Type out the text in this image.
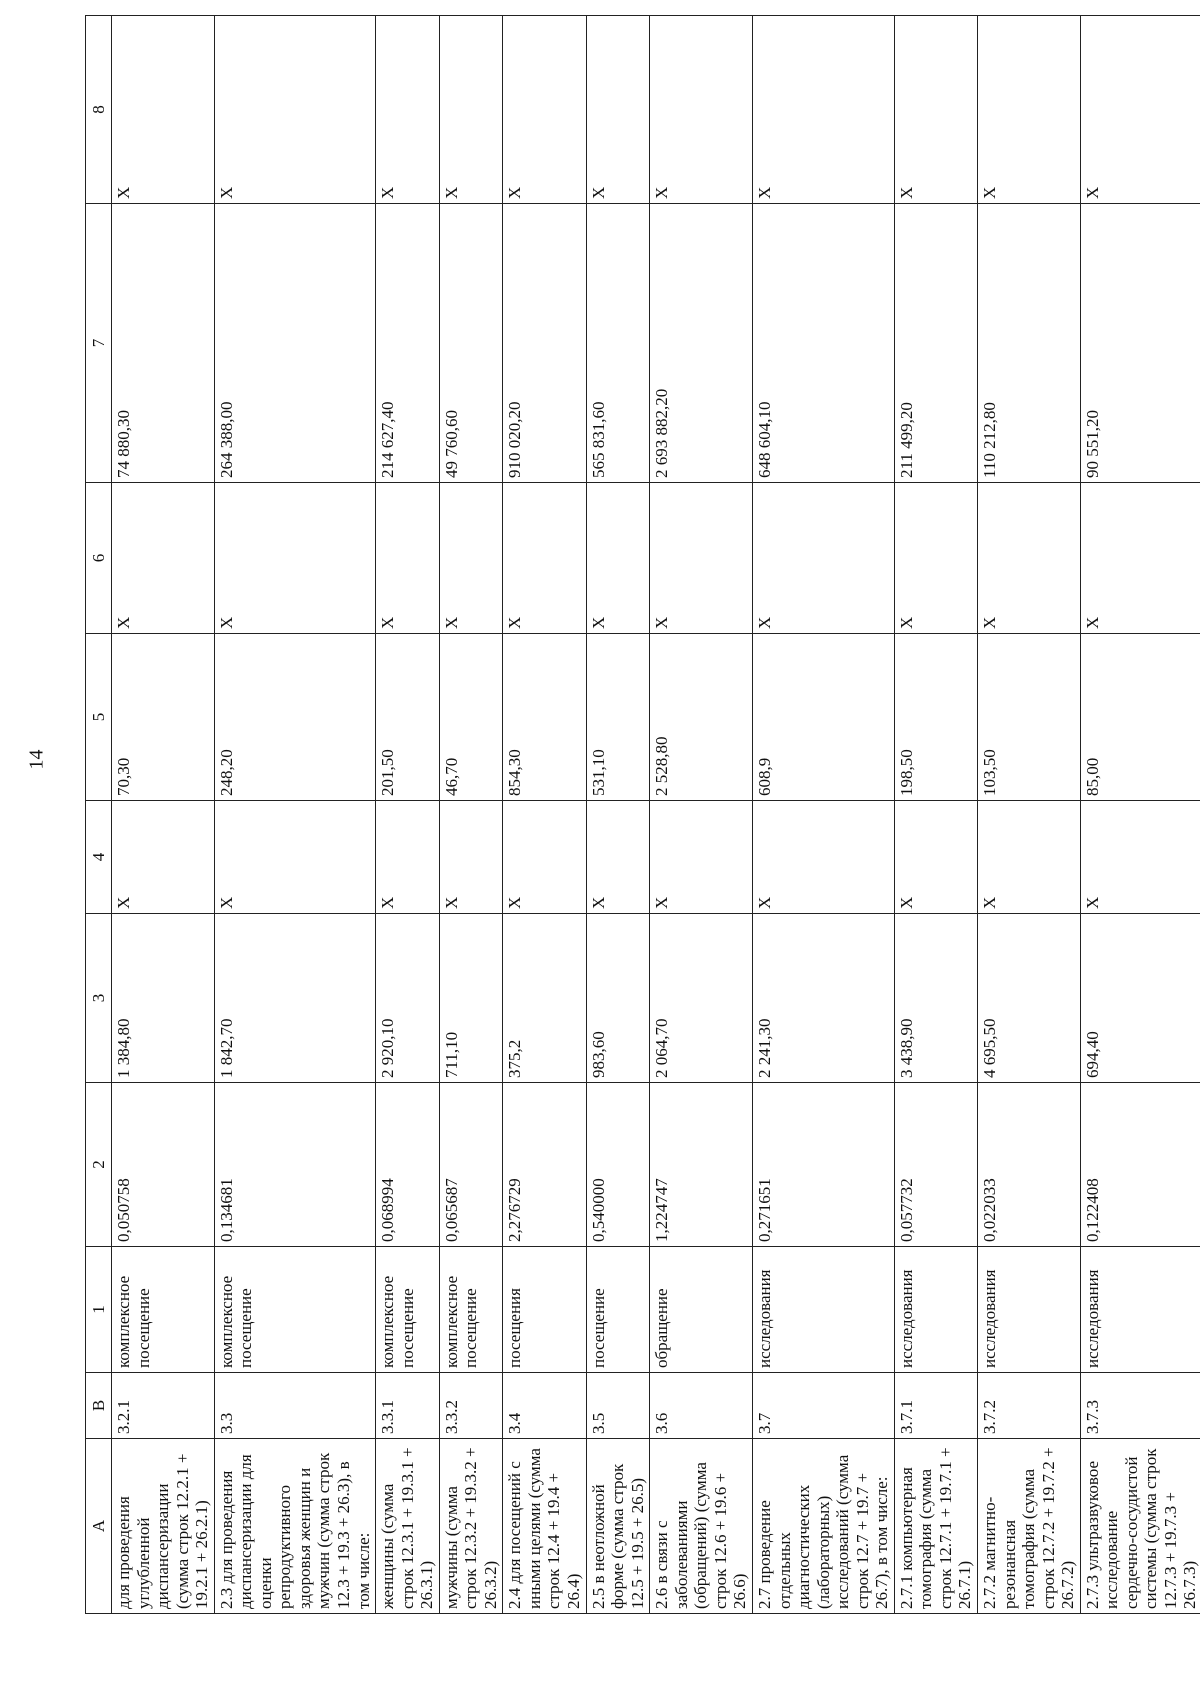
14
A	B	1	2	3	4	5	6	7	8
для проведения углубленной диспансеризации (сумма строк 12.2.1 + 19.2.1 + 26.2.1)	3.2.1	комплексное посещение	0,050758	1 384,80	Х	70,30	Х	74 880,30	Х
2.3 для проведения диспансеризации для оценки репродуктивного здоровья женщин и мужчин (сумма строк 12.3 + 19.3 + 26.3), в том числе:	3.3	комплексное посещение	0,134681	1 842,70	Х	248,20	Х	264 388,00	Х
женщины (сумма строк 12.3.1 + 19.3.1 + 26.3.1)	3.3.1	комплексное посещение	0,068994	2 920,10	Х	201,50	Х	214 627,40	Х
мужчины (сумма строк 12.3.2 + 19.3.2 + 26.3.2)	3.3.2	комплексное посещение	0,065687	711,10	Х	46,70	Х	49 760,60	Х
2.4 для посещений с иными целями (сумма строк 12.4 + 19.4 + 26.4)	3.4	посещения	2,276729	375,2	Х	854,30	Х	910 020,20	Х
2.5 в неотложной форме (сумма строк 12.5 + 19.5 + 26.5)	3.5	посещение	0,540000	983,60	Х	531,10	Х	565 831,60	Х
2.6 в связи с заболеваниями (обращений) (сумма строк 12.6 + 19.6 + 26.6)	3.6	обращение	1,224747	2 064,70	Х	2 528,80	Х	2 693 882,20	Х
2.7 проведение отдельных диагностических (лабораторных) исследований (сумма строк 12.7 + 19.7 + 26.7), в том числе:	3.7	исследования	0,271651	2 241,30	Х	608,9	Х	648 604,10	Х
2.7.1 компьютерная томография (сумма строк 12.7.1 + 19.7.1 + 26.7.1)	3.7.1	исследования	0,057732	3 438,90	Х	198,50	Х	211 499,20	Х
2.7.2 магнитно-резонансная томография (сумма строк 12.7.2 + 19.7.2 + 26.7.2)	3.7.2	исследования	0,022033	4 695,50	Х	103,50	Х	110 212,80	Х
2.7.3 ультразвуковое исследование сердечно-сосудистой системы (сумма строк 12.7.3 + 19.7.3 + 26.7.3)	3.7.3	исследования	0,122408	694,40	Х	85,00	Х	90 551,20	Х
